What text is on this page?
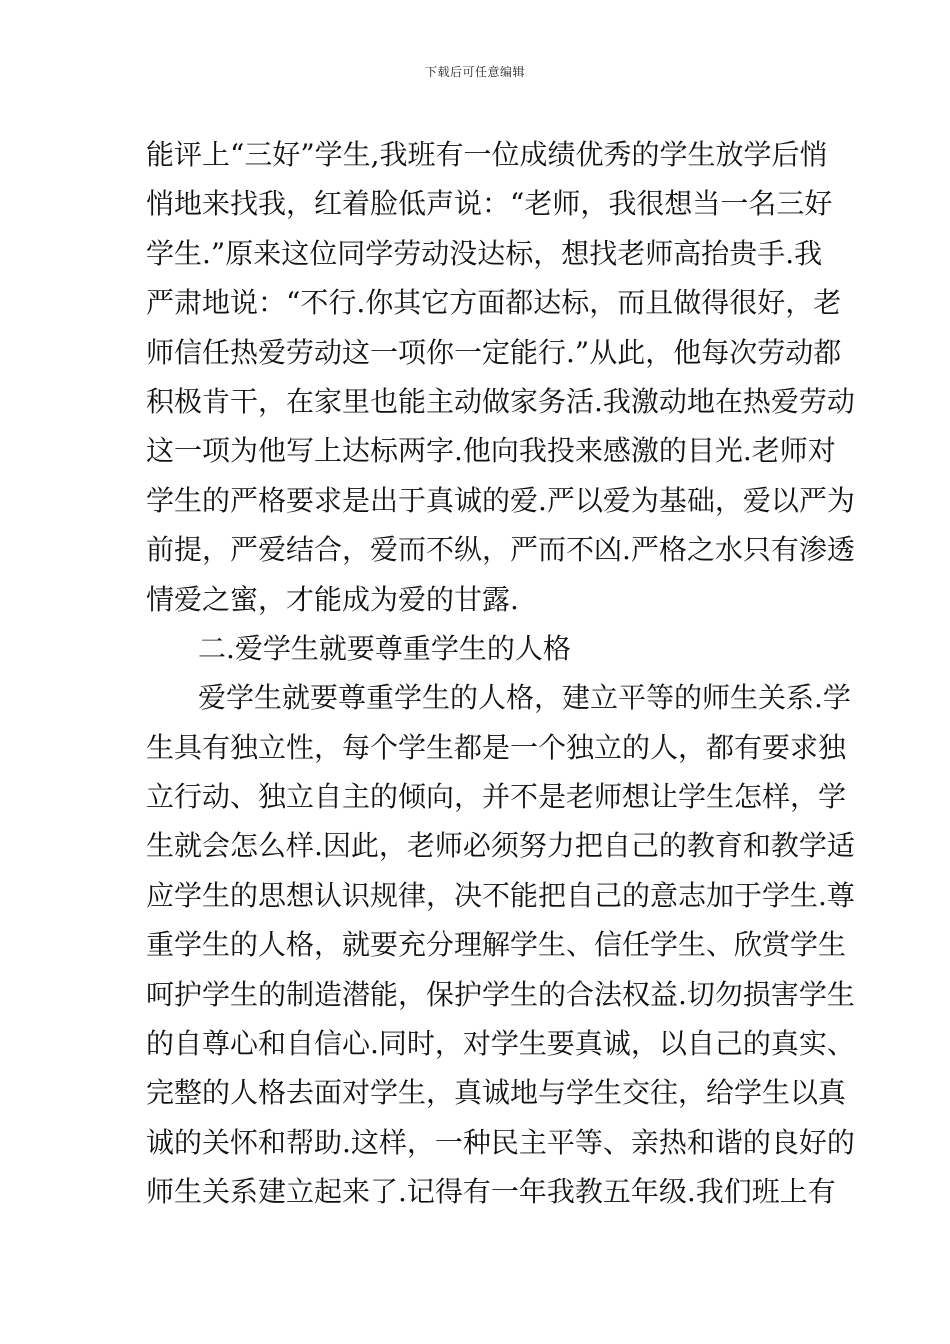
下载后可任意编辑
能评上“三好”学生,我班有一位成绩优秀的学生放学后悄
悄地来找我，红着脸低声说：“老师，我很想当一名三好
学生.”原来这位同学劳动没达标，想找老师高抬贵手.我
严肃地说：“不行.你其它方面都达标，而且做得很好，老
师信任热爱劳动这一项你一定能行.”从此，他每次劳动都
积极肯干，在家里也能主动做家务活.我激动地在热爱劳动
这一项为他写上达标两字.他向我投来感激的目光.老师对
学生的严格要求是出于真诚的爱.严以爱为基础，爱以严为
前提，严爱结合，爱而不纵，严而不凶.严格之水只有渗透
情爱之蜜，才能成为爱的甘露.
二.爱学生就要尊重学生的人格
爱学生就要尊重学生的人格，建立平等的师生关系.学
生具有独立性，每个学生都是一个独立的人，都有要求独
立行动、独立自主的倾向，并不是老师想让学生怎样，学
生就会怎么样.因此，老师必须努力把自己的教育和教学适
应学生的思想认识规律，决不能把自己的意志加于学生.尊
重学生的人格，就要充分理解学生、信任学生、欣赏学生
呵护学生的制造潜能，保护学生的合法权益.切勿损害学生
的自尊心和自信心.同时，对学生要真诚，以自己的真实、
完整的人格去面对学生，真诚地与学生交往，给学生以真
诚的关怀和帮助.这样，一种民主平等、亲热和谐的良好的
师生关系建立起来了.记得有一年我教五年级.我们班上有
